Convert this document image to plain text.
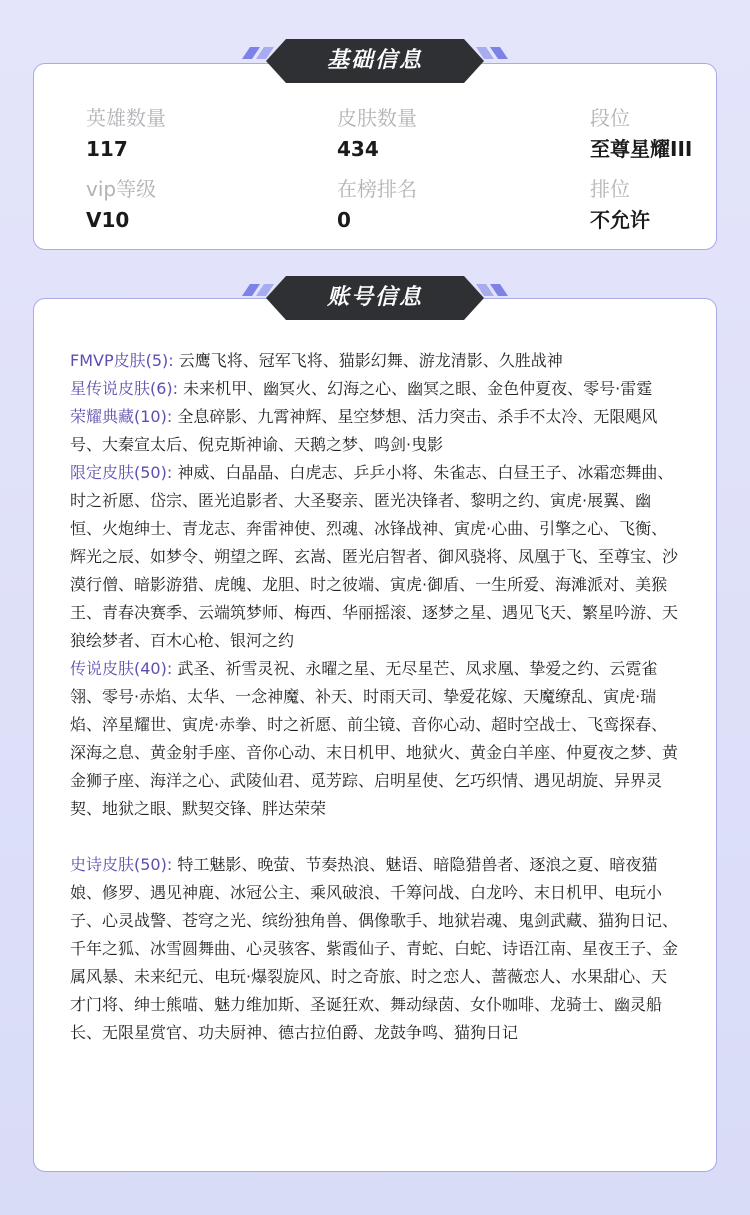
英雄数量
117
皮肤数量
434
段位
至尊星耀III
vip等级
V10
在榜排名
0
排位
不允许

FMVP皮肤(5): 云鹰飞将、冠军飞将、猫影幻舞、游龙清影、久胜战神

星传说皮肤(6): 未来机甲、幽冥火、幻海之心、幽冥之眼、金色仲夏夜、零号·雷霆

荣耀典藏(10): 全息碎影、九霄神辉、星空梦想、活力突击、杀手不太冷、无限飓风号、大秦宣太后、倪克斯神谕、天鹅之梦、鸣剑·曳影

限定皮肤(50): 神威、白晶晶、白虎志、乒乒小将、朱雀志、白昼王子、冰霜恋舞曲、时之祈愿、岱宗、匿光追影者、大圣娶亲、匿光决锋者、黎明之约、寅虎·展翼、幽恒、火炮绅士、青龙志、奔雷神使、烈魂、冰锋战神、寅虎·心曲、引擎之心、飞衡、辉光之辰、如梦令、朔望之晖、玄嵩、匿光启智者、御风骁将、凤凰于飞、至尊宝、沙漠行僧、暗影游猎、虎魄、龙胆、时之彼端、寅虎·御盾、一生所爱、海滩派对、美猴王、青春决赛季、云端筑梦师、梅西、华丽摇滚、逐梦之星、遇见飞天、繁星吟游、天狼绘梦者、百木心枪、银河之约

传说皮肤(40): 武圣、祈雪灵祝、永曜之星、无尽星芒、凤求凰、挚爱之约、云霓雀翎、零号·赤焰、太华、一念神魔、补天、时雨天司、挚爱花嫁、天魔缭乱、寅虎·瑞焰、淬星耀世、寅虎·赤拳、时之祈愿、前尘镜、音你心动、超时空战士、飞鸾探春、深海之息、黄金射手座、音你心动、末日机甲、地狱火、黄金白羊座、仲夏夜之梦、黄金狮子座、海洋之心、武陵仙君、觅芳踪、启明星使、乞巧织情、遇见胡旋、异界灵契、地狱之眼、默契交锋、胖达荣荣

史诗皮肤(50): 特工魅影、晚萤、节奏热浪、魅语、暗隐猎兽者、逐浪之夏、暗夜猫娘、修罗、遇见神鹿、冰冠公主、乘风破浪、千筹问战、白龙吟、末日机甲、电玩小子、心灵战警、苍穹之光、缤纷独角兽、偶像歌手、地狱岩魂、鬼剑武藏、猫狗日记、千年之狐、冰雪圆舞曲、心灵骇客、紫霞仙子、青蛇、白蛇、诗语江南、星夜王子、金属风暴、未来纪元、电玩·爆裂旋风、时之奇旅、时之恋人、蔷薇恋人、水果甜心、天才门将、绅士熊喵、魅力维加斯、圣诞狂欢、舞动绿茵、女仆咖啡、龙骑士、幽灵船长、无限星赏官、功夫厨神、德古拉伯爵、龙鼓争鸣、猫狗日记

基础信息
账号信息
